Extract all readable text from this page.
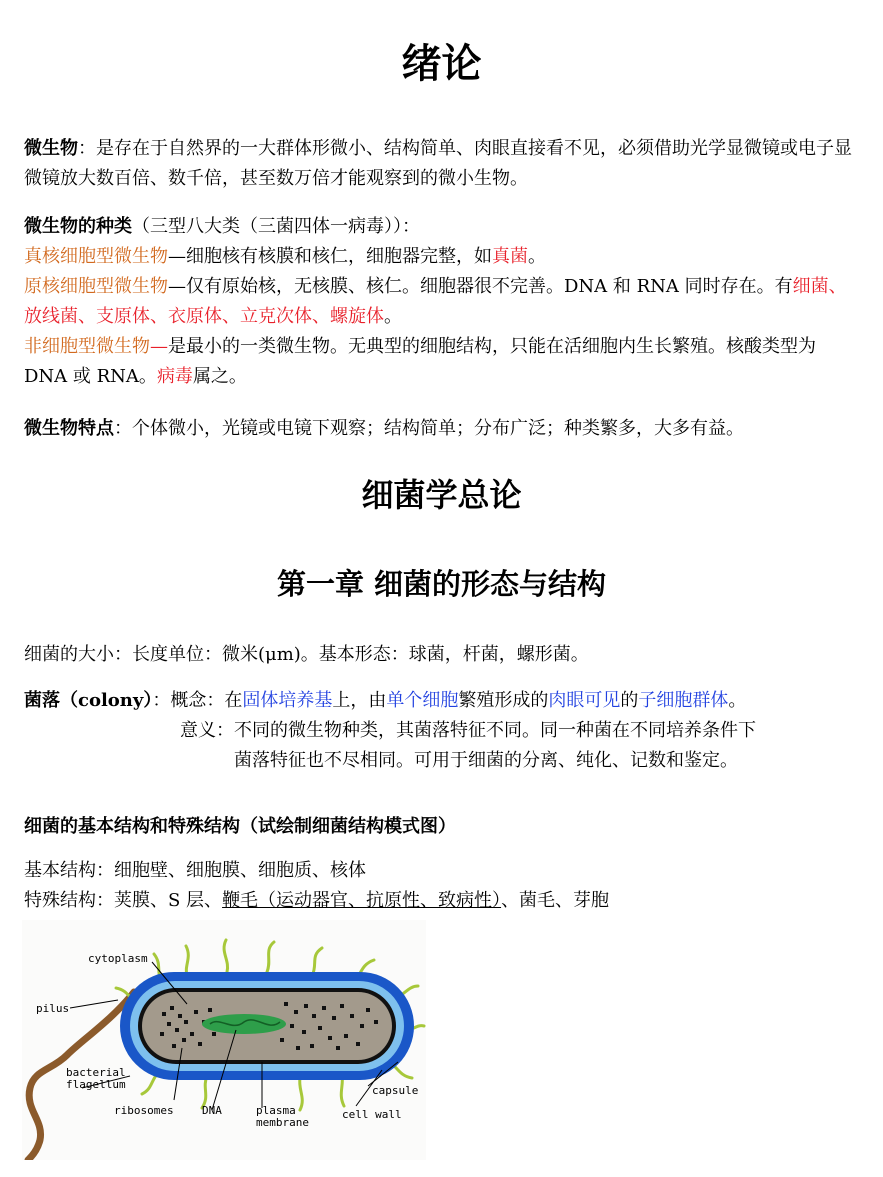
绪论
微生物：是存在于自然界的一大群体形微小、结构简单、肉眼直接看不见，必须借助光学显微镜或电子显微镜放大数百倍、数千倍，甚至数万倍才能观察到的微小生物。
微生物的种类（三型八大类（三菌四体一病毒））：
真核细胞型微生物—细胞核有核膜和核仁，细胞器完整，如真菌。
原核细胞型微生物—仅有原始核，无核膜、核仁。细胞器很不完善。DNA 和 RNA 同时存在。有细菌、放线菌、支原体、衣原体、立克次体、螺旋体。
非细胞型微生物—是最小的一类微生物。无典型的细胞结构，只能在活细胞内生长繁殖。核酸类型为 DNA 或 RNA。病毒属之。
微生物特点：个体微小，光镜或电镜下观察；结构简单；分布广泛；种类繁多，大多有益。
细菌学总论
第一章 细菌的形态与结构
细菌的大小：长度单位：微米(μm)。基本形态：球菌，杆菌，螺形菌。
菌落（colony）：概念：在固体培养基上，由单个细胞繁殖形成的肉眼可见的子细胞群体。
意义：不同的微生物种类，其菌落特征不同。同一种菌在不同培养条件下
菌落特征也不尽相同。可用于细菌的分离、纯化、记数和鉴定。
细菌的基本结构和特殊结构（试绘制细菌结构模式图）
基本结构：细胞壁、细胞膜、细胞质、核体
特殊结构：荚膜、S 层、鞭毛（运动器官、抗原性、致病性）、菌毛、芽胞
cytoplasm
pilus
bacterial
flagellum
ribosomes	DNA	plasma
membrane
capsule
cell wall
